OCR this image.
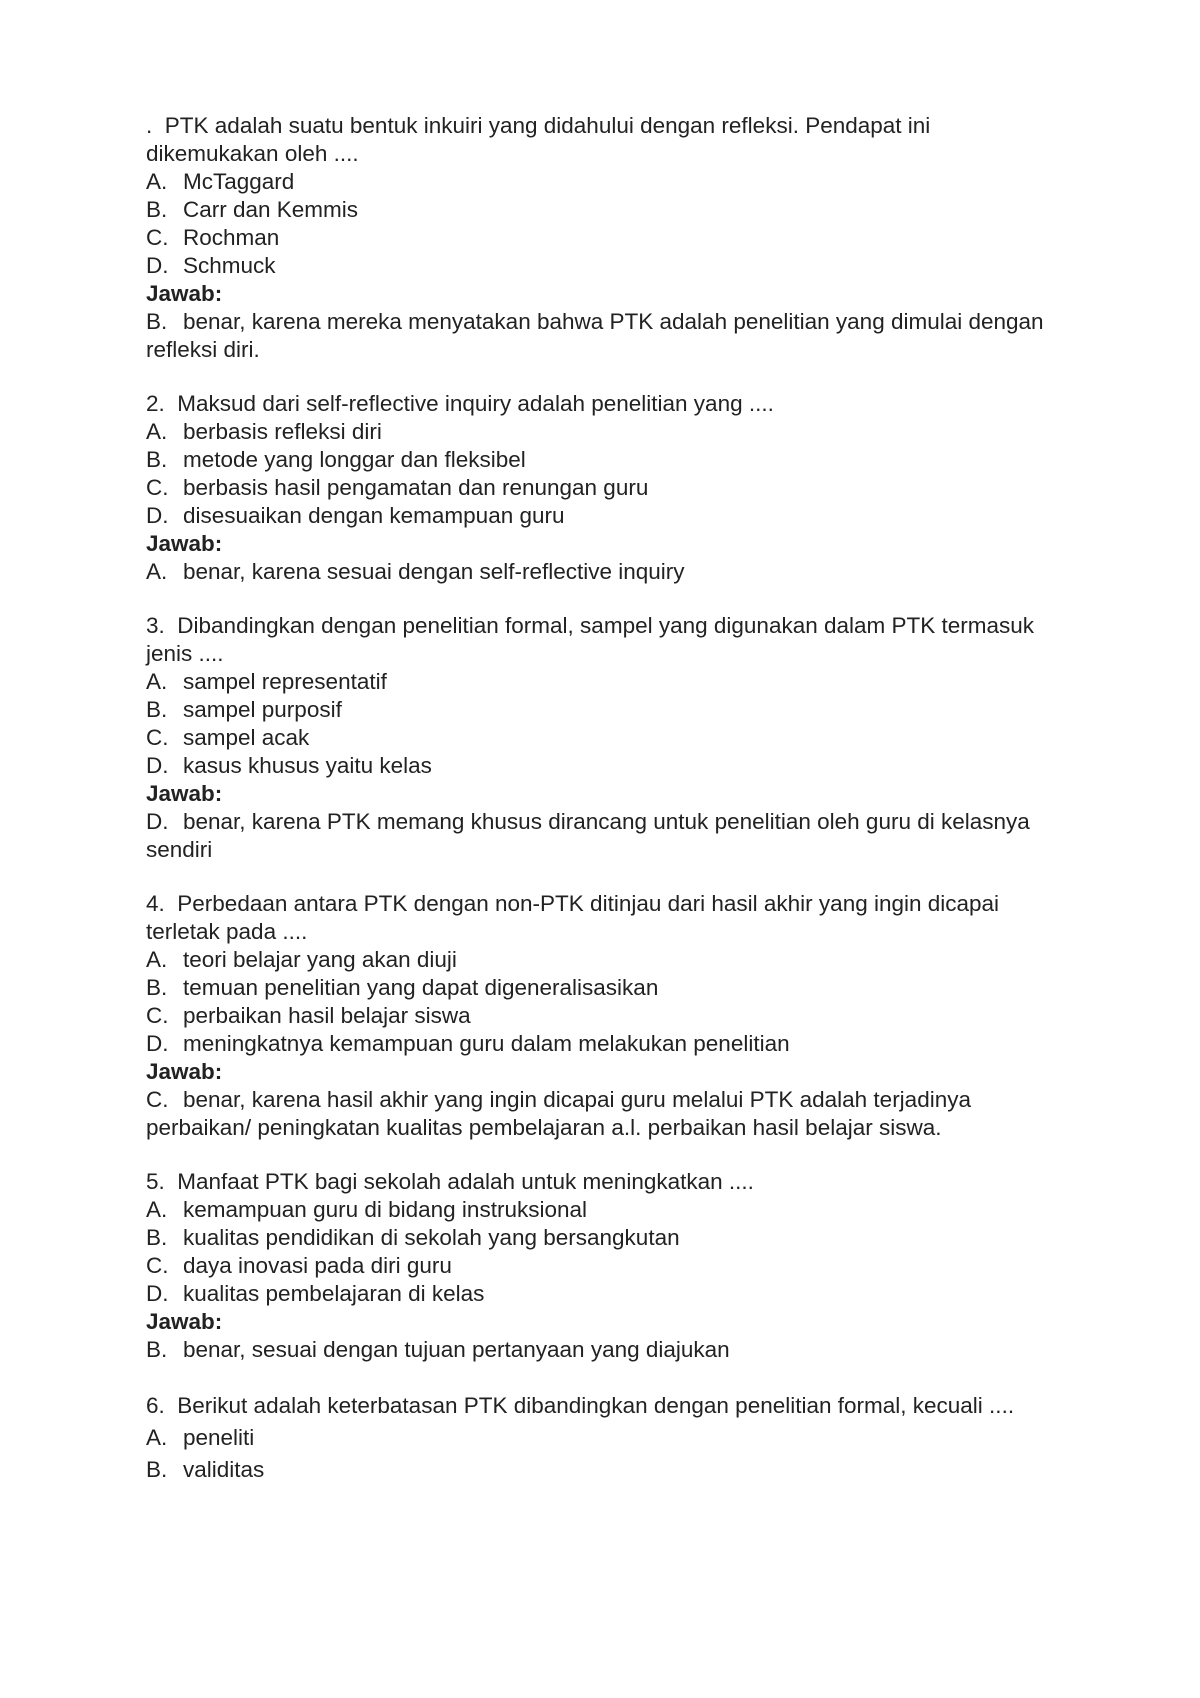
. PTK adalah suatu bentuk inkuiri yang didahului dengan refleksi. Pendapat ini dikemukakan oleh ....

A. McTaggard
B. Carr dan Kemmis
C. Rochman
D. Schmuck
Jawab:

B. benar, karena mereka menyatakan bahwa PTK adalah penelitian yang dimulai dengan refleksi diri.

2. Maksud dari self-reflective inquiry adalah penelitian yang ....

A. berbasis refleksi diri
B. metode yang longgar dan fleksibel
C. berbasis hasil pengamatan dan renungan guru
D. disesuaikan dengan kemampuan guru
Jawab:

A. benar, karena sesuai dengan self-reflective inquiry

3. Dibandingkan dengan penelitian formal, sampel yang digunakan dalam PTK termasuk jenis ....

A. sampel representatif
B. sampel purposif
C. sampel acak
D. kasus khusus yaitu kelas
Jawab:

D. benar, karena PTK memang khusus dirancang untuk penelitian oleh guru di kelasnya sendiri

4. Perbedaan antara PTK dengan non-PTK ditinjau dari hasil akhir yang ingin dicapai terletak pada ....

A. teori belajar yang akan diuji
B. temuan penelitian yang dapat digeneralisasikan
C. perbaikan hasil belajar siswa
D. meningkatnya kemampuan guru dalam melakukan penelitian
Jawab:

C. benar, karena hasil akhir yang ingin dicapai guru melalui PTK adalah terjadinya perbaikan/ peningkatan kualitas pembelajaran a.l. perbaikan hasil belajar siswa.

5. Manfaat PTK bagi sekolah adalah untuk meningkatkan ....

A. kemampuan guru di bidang instruksional
B. kualitas pendidikan di sekolah yang bersangkutan
C. daya inovasi pada diri guru
D. kualitas pembelajaran di kelas
Jawab:

B. benar, sesuai dengan tujuan pertanyaan yang diajukan

6. Berikut adalah keterbatasan PTK dibandingkan dengan penelitian formal, kecuali ....

A. peneliti
B. validitas
